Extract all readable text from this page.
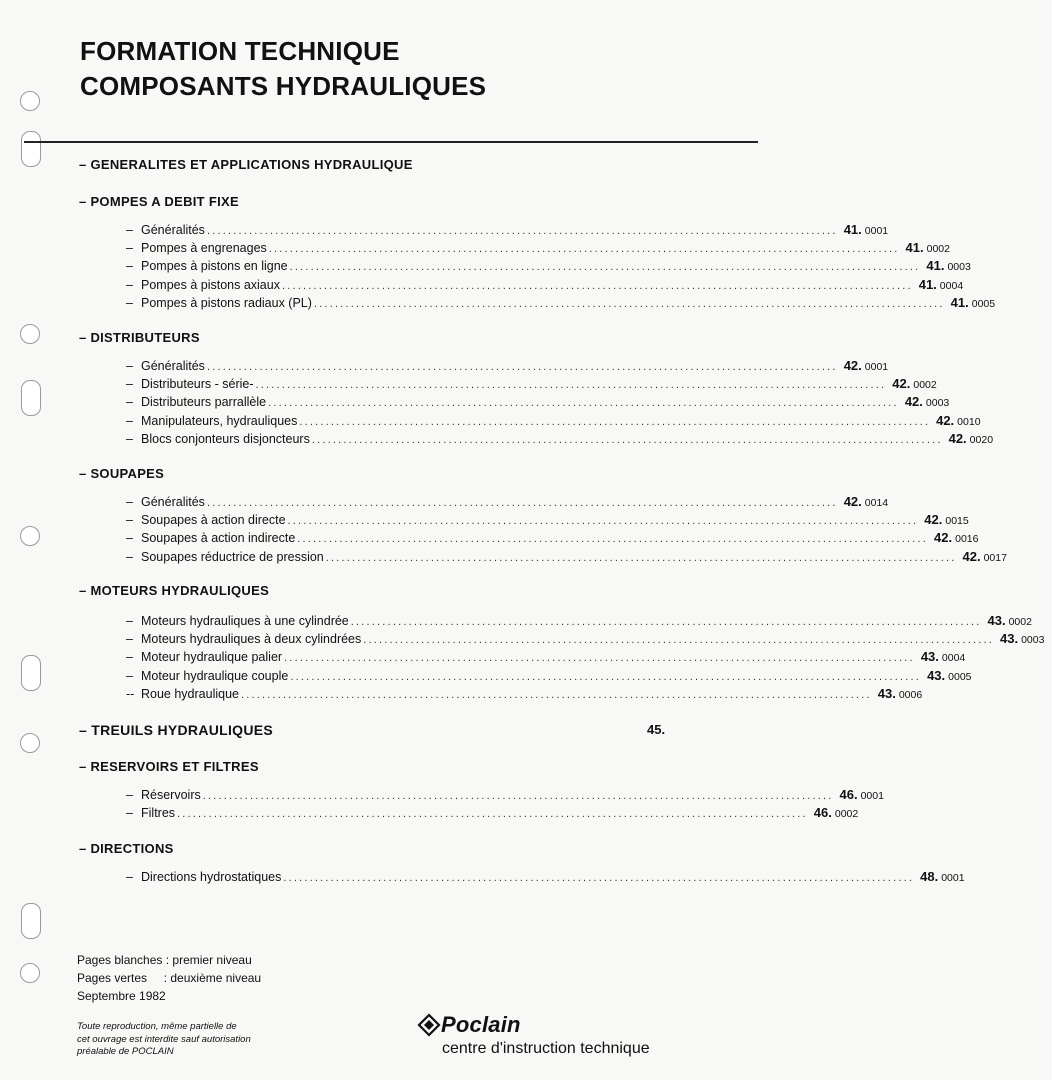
FORMATION TECHNIQUE
COMPOSANTS HYDRAULIQUES
– GENERALITES ET APPLICATIONS HYDRAULIQUE
– POMPES A DEBIT FIXE
– Généralités ........................................................................................................................ 41. 0001
– Pompes à engrenages ........................................................................................................................ 41. 0002
– Pompes à pistons en ligne ........................................................................................................................ 41. 0003
– Pompes à pistons axiaux ........................................................................................................................ 41. 0004
– Pompes à pistons radiaux (PL) ........................................................................................................................ 41. 0005
– DISTRIBUTEURS
– Généralités ........................................................................................................................ 42. 0001
– Distributeurs - série- ........................................................................................................................ 42. 0002
– Distributeurs parrallèle ........................................................................................................................ 42. 0003
– Manipulateurs, hydrauliques ........................................................................................................................ 42. 0010
– Blocs conjonteurs disjoncteurs ........................................................................................................................ 42. 0020
– SOUPAPES
– Généralités ........................................................................................................................ 42. 0014
– Soupapes à action directe ........................................................................................................................ 42. 0015
– Soupapes à action indirecte ........................................................................................................................ 42. 0016
– Soupapes réductrice de pression ........................................................................................................................ 42. 0017
– MOTEURS HYDRAULIQUES
– Moteurs hydrauliques à une cylindrée ........................................................................................................................ 43. 0002
– Moteurs hydrauliques à deux cylindrées ........................................................................................................................ 43. 0003
– Moteur hydraulique palier ........................................................................................................................ 43. 0004
– Moteur hydraulique couple ........................................................................................................................ 43. 0005
-- Roue hydraulique ........................................................................................................................ 43. 0006
– TREUILS HYDRAULIQUES	45.
– RESERVOIRS ET FILTRES
– Réservoirs ........................................................................................................................ 46. 0001
– Filtres ........................................................................................................................ 46. 0002
– DIRECTIONS
– Directions hydrostatiques ........................................................................................................................ 48. 0001
Pages blanches : premier niveau
Pages vertes     : deuxième niveau
Septembre 1982
Toute reproduction, même partielle de
cet ouvrage est interdite sauf autorisation
préalable de POCLAIN
Poclain
centre d'instruction technique
